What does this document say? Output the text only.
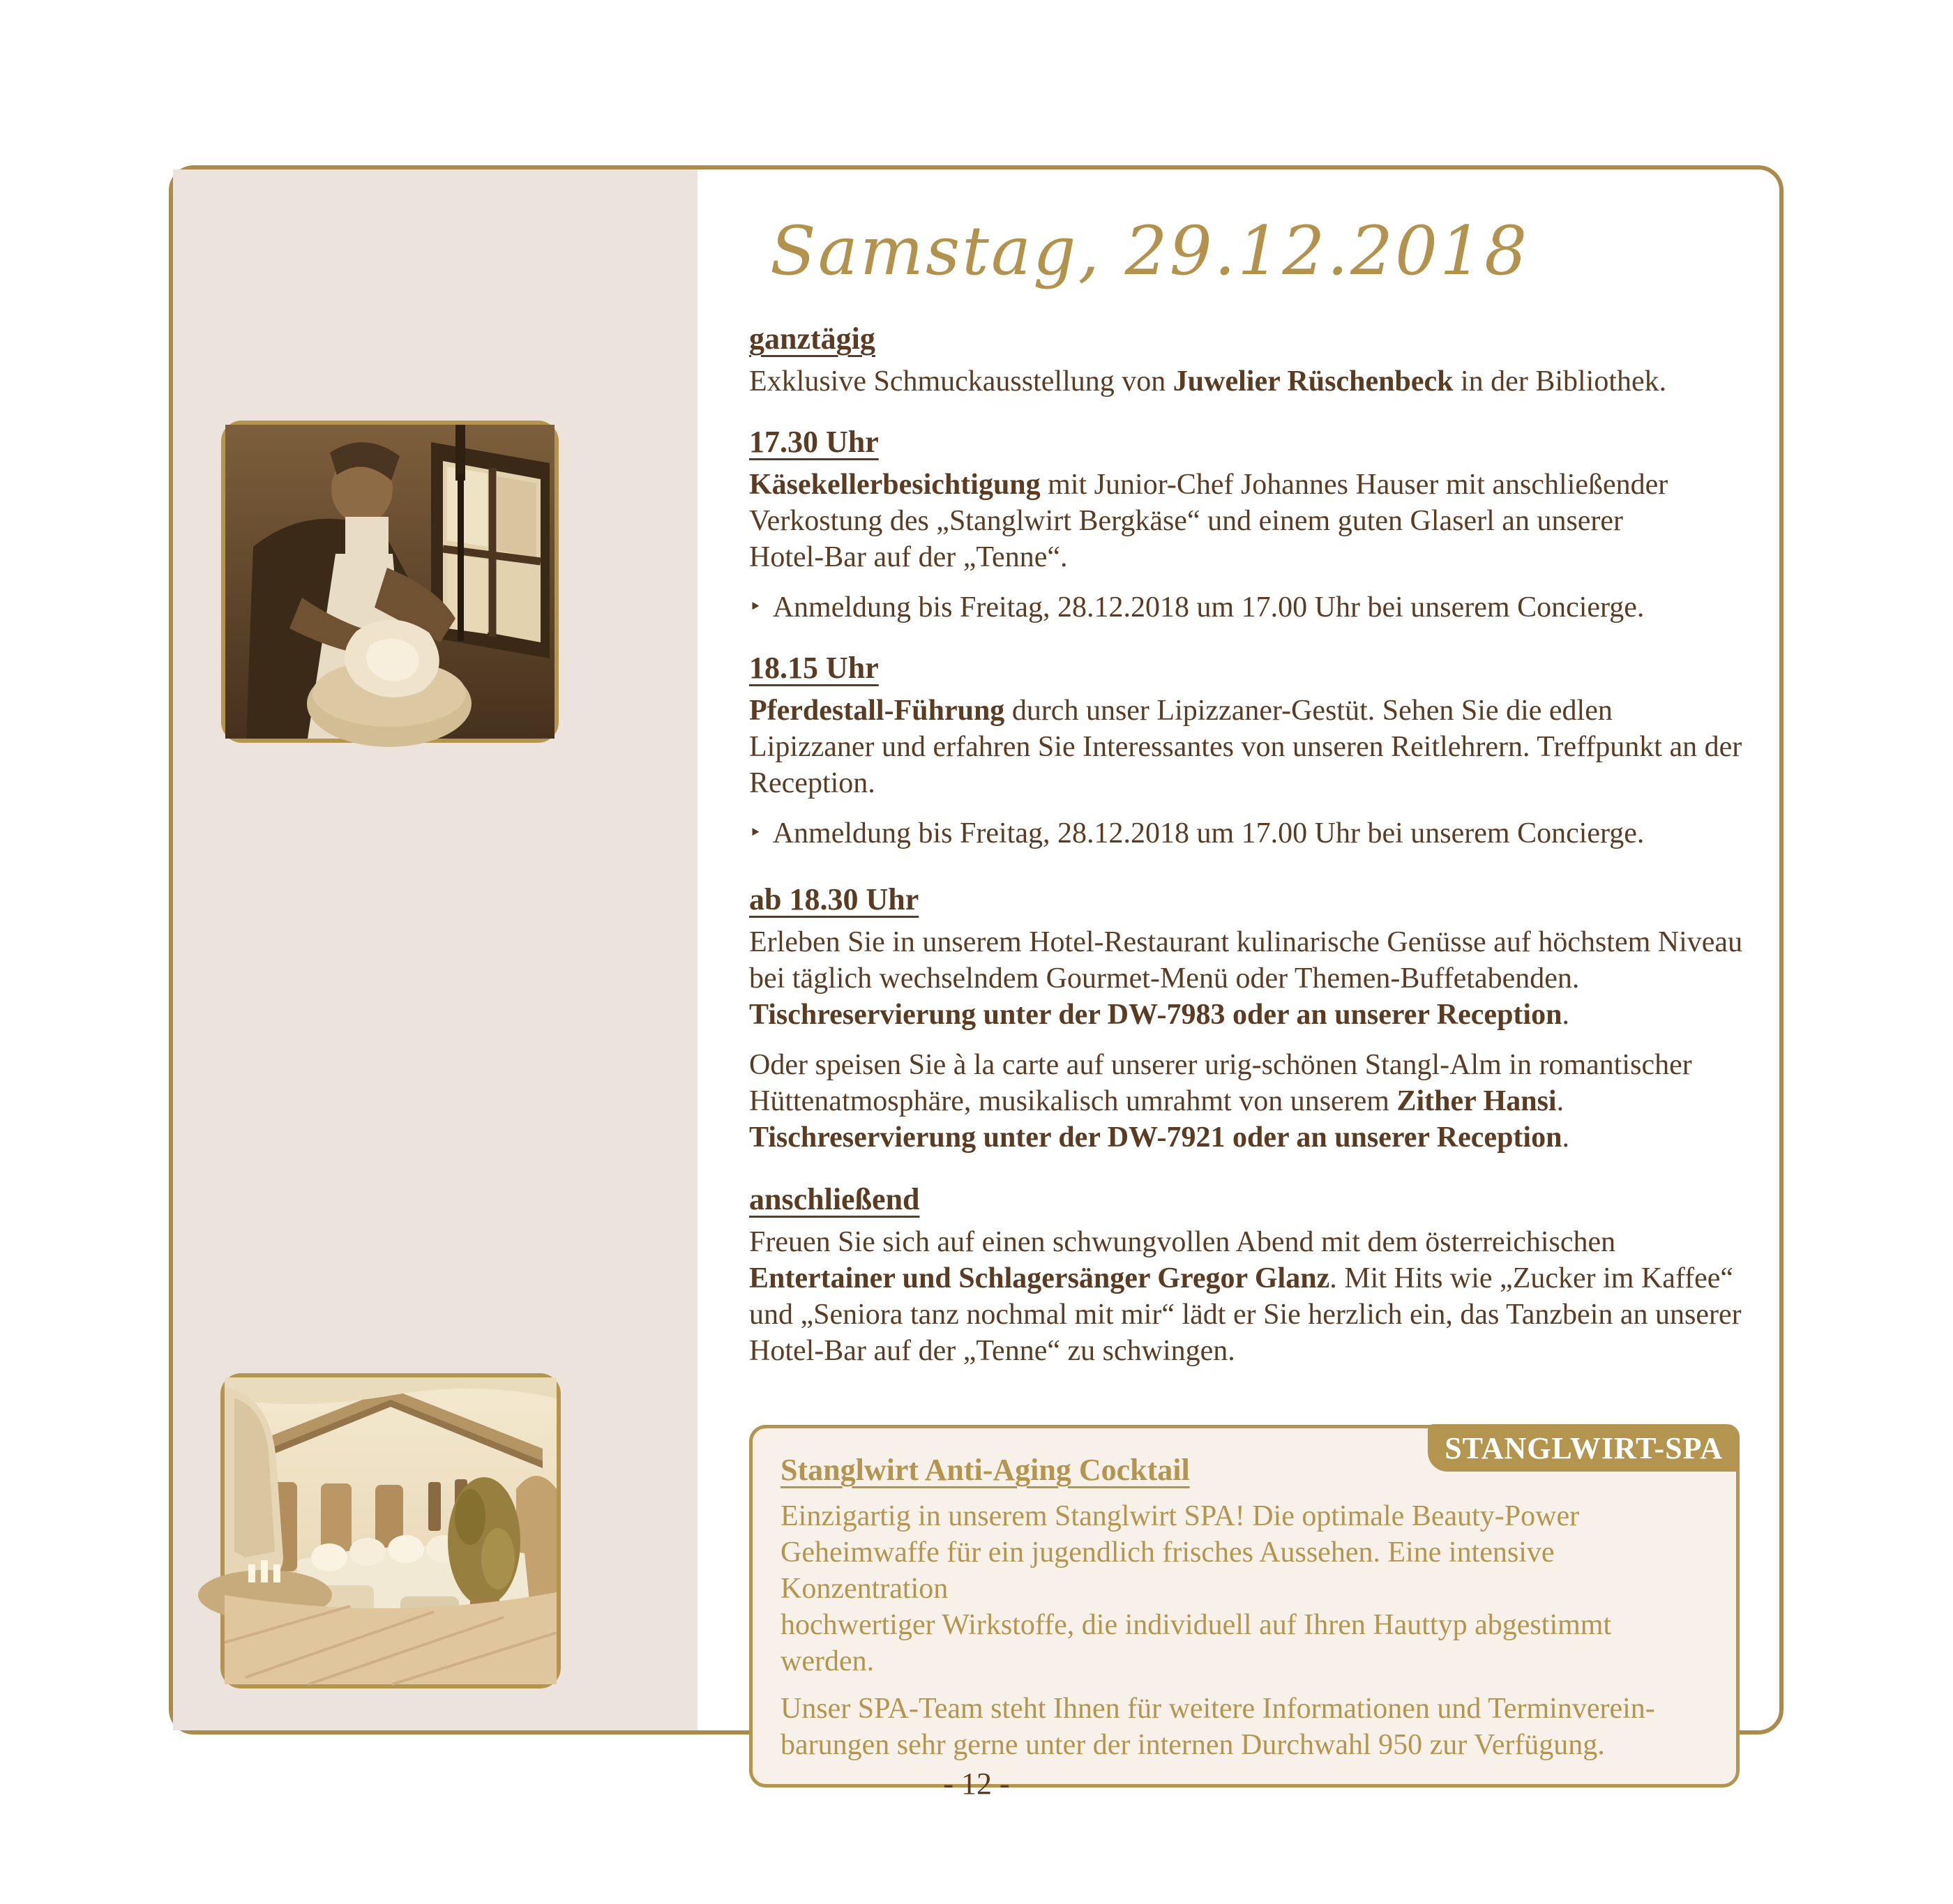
Samstag, 29.12.2018
ganztägig

Exklusive Schmuckausstellung von Juwelier Rüschenbeck in der Bibliothek.

17.30 Uhr

Käsekellerbesichtigung mit Junior-Chef Johannes Hauser mit anschließender
Verkostung des „Stanglwirt Bergkäse“ und einem guten Glaserl an unserer
Hotel-Bar auf der „Tenne“.

‣ Anmeldung bis Freitag, 28.12.2018 um 17.00 Uhr bei unserem Concierge.

18.15 Uhr

Pferdestall-Führung durch unser Lipizzaner-Gestüt. Sehen Sie die edlen
Lipizzaner und erfahren Sie Interessantes von unseren Reitlehrern. Treffpunkt an der
Reception.

‣ Anmeldung bis Freitag, 28.12.2018 um 17.00 Uhr bei unserem Concierge.

ab 18.30 Uhr

Erleben Sie in unserem Hotel-Restaurant kulinarische Genüsse auf höchstem Niveau
bei täglich wechselndem Gourmet-Menü oder Themen-Buffetabenden.
Tischreservierung unter der DW-7983 oder an unserer Reception.

Oder speisen Sie à la carte auf unserer urig-schönen Stangl-Alm in romantischer
Hüttenatmosphäre, musikalisch umrahmt von unserem Zither Hansi.
Tischreservierung unter der DW-7921 oder an unserer Reception.

anschließend

Freuen Sie sich auf einen schwungvollen Abend mit dem österreichischen
Entertainer und Schlagersänger Gregor Glanz. Mit Hits wie „Zucker im Kaffee“
und „Seniora tanz nochmal mit mir“ lädt er Sie herzlich ein, das Tanzbein an unserer
Hotel-Bar auf der „Tenne“ zu schwingen.

STANGLWIRT-SPA
Stanglwirt Anti-Aging Cocktail

Einzigartig in unserem Stanglwirt SPA! Die optimale Beauty-Power
Geheimwaffe für ein jugendlich frisches Aussehen. Eine intensive Konzentration
hochwertiger Wirkstoffe, die individuell auf Ihren Hauttyp abgestimmt werden.

Unser SPA-Team steht Ihnen für weitere Informationen und Terminverein-
barungen sehr gerne unter der internen Durchwahl 950 zur Verfügung.

- 12 -
